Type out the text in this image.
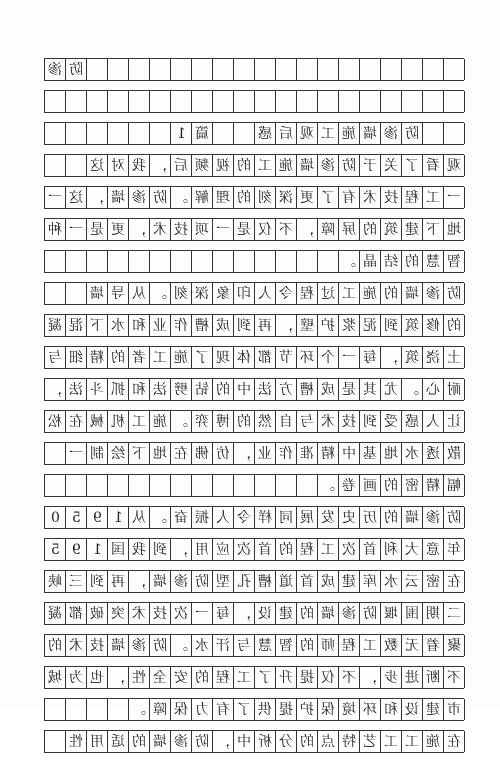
渗 防
1 篇	感 后 观 工 施 墙 渗 防
这 对 我 ， 后 频 视 的 工 施 墙 渗 防 于 关 了 看 观
一 这 ， 墙 渗 防 。 解 理 的 刻 深 更 了 有 术 技 程 工 一
种 一 是 更 ， 术 技 项 一 是 仅 不 ， 障 屏 的 筑 建 下 地
。 晶 结 的 慧 智
墙 导 从 。 刻 深 象 印 人 令 程 过 工 施 的 墙 渗 防
凝 混 下 水 和 业 作 槽 成 到 再 ， 壁 护 浆 泥 到 筑 修 的
与 细 精 的 者 工 施 了 现 体 都 节 环 个 一 每 ， 筑 浇 土
， 法 斗 抓 和 法 劈 钻 的 中 法 方 槽 成 是 其 尤 。 心 耐
松 在 械 机 工 施 。 弈 博 的 然 自 与 术 技 到 受 感 人 让
一 制 绘 下 地 在 佛 仿 ， 业 作 准 精 中 基 地 水 透 散
。 卷 画 的 密 精 幅
0 5 9 1 从 。 奋 振 人 令 样 同 展 发 史 历 的 墙 渗 防
5 9 1 国 我 到 ， 用 应 次 首 的 程 工 次 首 利 大 意 年
峡 三 到 再 ， 墙 渗 防 型 孔 槽 道 首 成 建 库 水 云 密 在
凝 都 破 突 术 技 次 一 每 ， 设 建 的 墙 渗 防 堰 围 期 二
的 术 技 墙 渗 防 。 水 汗 与 慧 智 的 师 程 工 数 无 着 聚
城 为 也 ， 性 全 安 的 程 工 了 升 提 仅 不 ， 步 进 断 不
。 障 保 力 有 了 供 提 护 保 境 环 和 设 建 市
性 用 适 的 墙 渗 防 ， 中 析 分 的 点 特 艺 工 工 施 在
